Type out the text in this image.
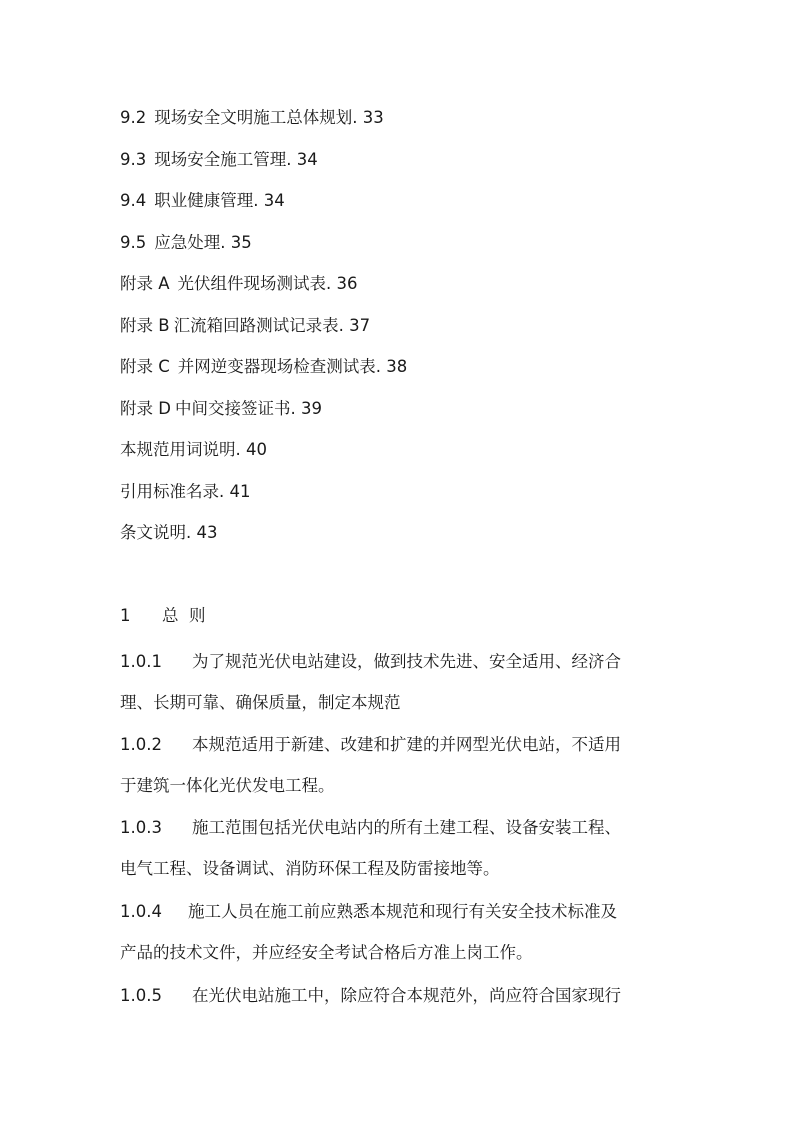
9.2 现场安全文明施工总体规划. 33
9.3 现场安全施工管理. 34
9.4 职业健康管理. 34
9.5 应急处理. 35
附录 A 光伏组件现场测试表. 36
附录 B 汇流箱回路测试记录表. 37
附录 C 并网逆变器现场检查测试表. 38
附录 D 中间交接签证书. 39
本规范用词说明. 40
引用标准名录. 41
条文说明. 43
1 总  则
1.0.1 为了规范光伏电站建设，做到技术先进、安全适用、经济合
理、长期可靠、确保质量，制定本规范
1.0.2 本规范适用于新建、改建和扩建的并网型光伏电站，不适用
于建筑一体化光伏发电工程。
1.0.3 施工范围包括光伏电站内的所有土建工程、设备安装工程、
电气工程、设备调试、消防环保工程及防雷接地等。
1.0.4 施工人员在施工前应熟悉本规范和现行有关安全技术标准及
产品的技术文件，并应经安全考试合格后方准上岗工作。
1.0.5 在光伏电站施工中，除应符合本规范外，尚应符合国家现行
